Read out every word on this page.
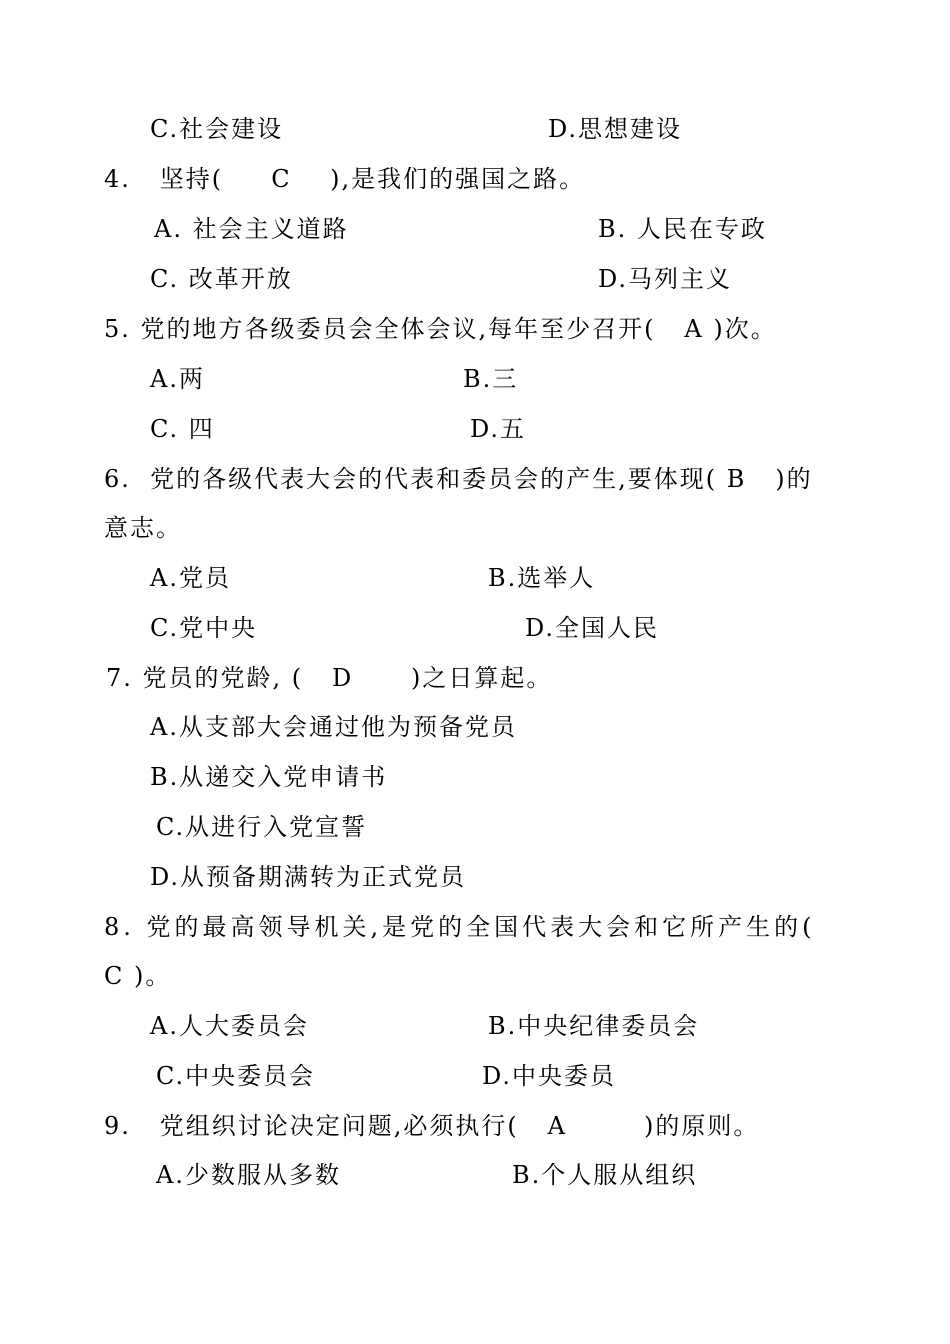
C.社会建设	D.思想建设
4.   坚持(     C    ),是我们的强国之路。
A. 社会主义道路	B. 人民在专政
C. 改革开放	D.马列主义
5. 党的地方各级委员会全体会议,每年至少召开(   A )次。
A.两	B.三
C. 四	D.五
6.  党的各级代表大会的代表和委员会的产生,要体现( B   )的
意志。
A.党员	B.选举人
C.党中央	D.全国人民
7. 党员的党龄, (   D      )之日算起。
A.从支部大会通过他为预备党员
B.从递交入党申请书
C.从进行入党宣誓
D.从预备期满转为正式党员
8. 党的最高领导机关,是党的全国代表大会和它所产生的(
C )。
A.人大委员会	B.中央纪律委员会
C.中央委员会	D.中央委员
9.   党组织讨论决定问题,必须执行(   A        )的原则。
A.少数服从多数	B.个人服从组织
